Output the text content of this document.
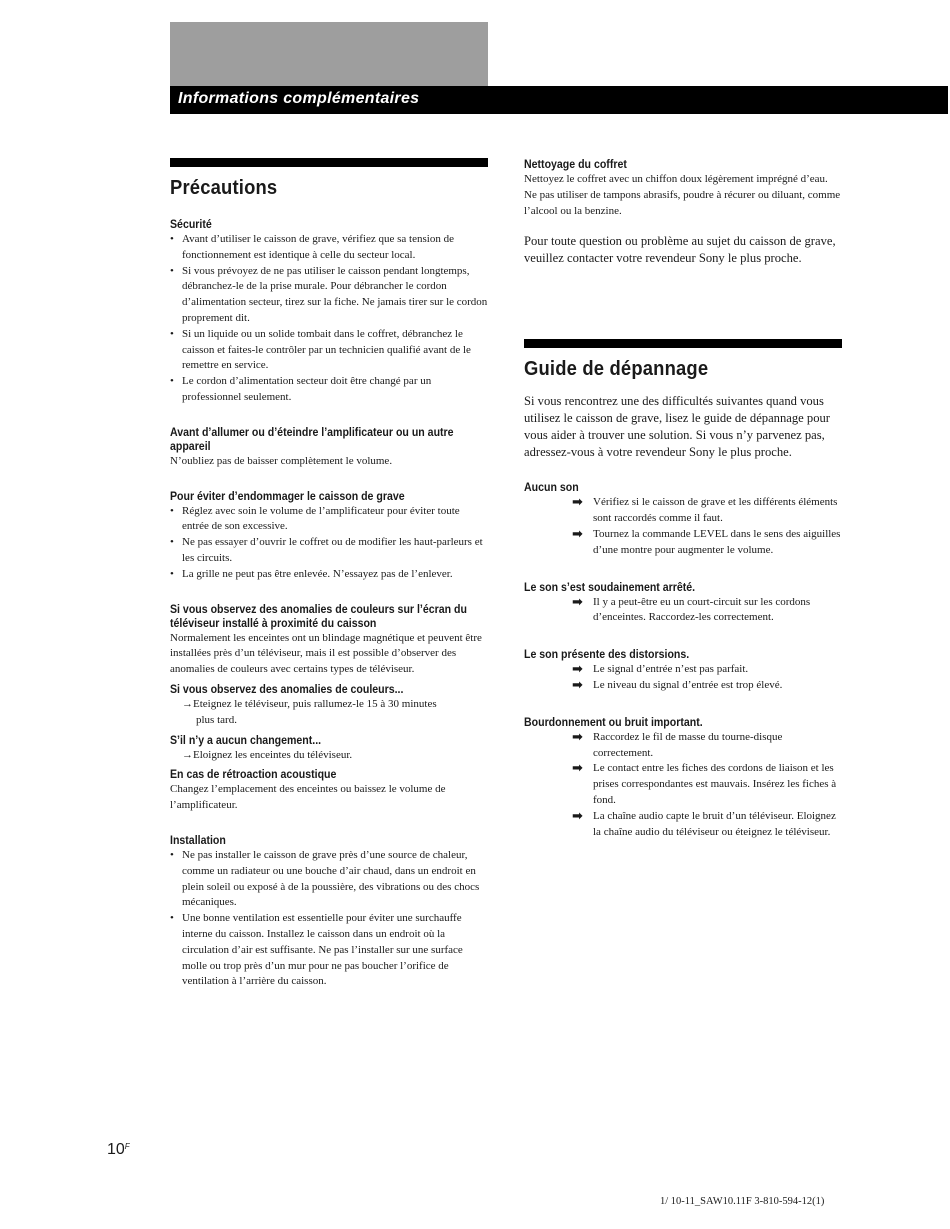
Informations complémentaires
Précautions
Sécurité
• Avant d’utiliser le caisson de grave, vérifiez que sa tension de fonctionnement est identique à celle du secteur local.
• Si vous prévoyez de ne pas utiliser le caisson pendant longtemps, débranchez-le de la prise murale. Pour débrancher le cordon d’alimentation secteur, tirez sur la fiche. Ne jamais tirer sur le cordon proprement dit.
• Si un liquide ou un solide tombait dans le coffret, débranchez le caisson et faites-le contrôler par un technicien qualifié avant de le remettre en service.
• Le cordon d’alimentation secteur doit être changé par un professionnel seulement.
Avant d’allumer ou d’éteindre l’amplificateur ou un autre appareil
N’oubliez pas de baisser complètement le volume.
Pour éviter d’endommager le caisson de grave
• Réglez avec soin le volume de l’amplificateur pour éviter toute entrée de son excessive.
• Ne pas essayer d’ouvrir le coffret ou de modifier les haut-parleurs et les circuits.
• La grille ne peut pas être enlevée. N’essayez pas de l’enlever.
Si vous observez des anomalies de couleurs sur l’écran du téléviseur installé à proximité du caisson
Normalement les enceintes ont un blindage magnétique et peuvent être installées près d’un téléviseur, mais il est possible d’observer des anomalies de couleurs avec certains types de téléviseur.
Si vous observez des anomalies de couleurs...
→Eteignez le téléviseur, puis rallumez-le 15 à 30 minutes
plus tard.
S’il n’y a aucun changement...
→Eloignez les enceintes du téléviseur.
En cas de rétroaction acoustique
Changez l’emplacement des enceintes ou baissez le volume de l’amplificateur.
Installation
• Ne pas installer le caisson de grave près d’une source de chaleur, comme un radiateur ou une bouche d’air chaud, dans un endroit en plein soleil ou exposé à de la poussière, des vibrations ou des chocs mécaniques.
• Une bonne ventilation est essentielle pour éviter une surchauffe interne du caisson. Installez le caisson dans un endroit où la circulation d’air est suffisante. Ne pas l’installer sur une surface molle ou trop près d’un mur pour ne pas boucher l’orifice de ventilation à l’arrière du caisson.
Nettoyage du coffret
Nettoyez le coffret avec un chiffon doux légèrement imprégné d’eau. Ne pas utiliser de tampons abrasifs, poudre à récurer ou diluant, comme l’alcool ou la benzine.
Pour toute question ou problème au sujet du caisson de grave, veuillez contacter votre revendeur Sony le plus proche.
Guide de dépannage
Si vous rencontrez une des difficultés suivantes quand vous utilisez le caisson de grave, lisez le guide de dépannage pour vous aider à trouver une solution. Si vous n’y parvenez pas, adressez-vous à votre revendeur Sony le plus proche.
Aucun son
➡ Vérifiez si le caisson de grave et les différents éléments sont raccordés comme il faut.
➡ Tournez la commande LEVEL dans le sens des aiguilles d’une montre pour augmenter le volume.
Le son s’est soudainement arrêté.
➡ Il y a peut-être eu un court-circuit sur les cordons d’enceintes. Raccordez-les correctement.
Le son présente des distorsions.
➡ Le signal d’entrée n’est pas parfait.
➡ Le niveau du signal d’entrée est trop élevé.
Bourdonnement ou bruit important.
➡ Raccordez le fil de masse du tourne-disque correctement.
➡ Le contact entre les fiches des cordons de liaison et les prises correspondantes est mauvais. Insérez les fiches à fond.
➡ La chaîne audio capte le bruit d’un téléviseur. Eloignez la chaîne audio du téléviseur ou éteignez le téléviseur.
$10^F$
1/ 10-11_SAW10.11F 3-810-594-12(1)
